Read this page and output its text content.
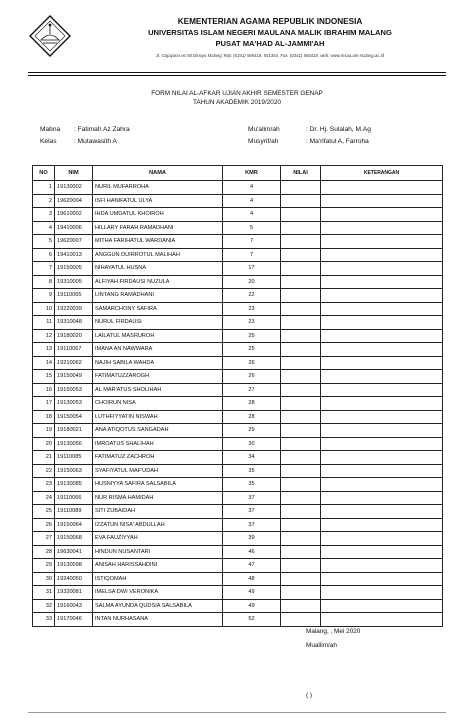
KEMENTERIAN AGAMA REPUBLIK INDONESIA
UNIVERSITAS ISLAM NEGERI MAULANA MALIK IBRAHIM MALANG
PUSAT MA'HAD AL-JAMMI'AH
Jl. Gajayana no 50 Dinoyo Malang Telp: (0341) 565418, 551354, Fax. (0341) 565418, web: www.msaa.uin-malang.ac.id
FORM NILAI AL-AFKAR UJIAN AKHIR SEMESTER GENAP
TAHUN AKADEMIK 2019/2020
Mabna : Fatimah Az Zahra
Kelas	: Mutawasith A
Mu'alim/ah	: Dr. Hj. Sulalah, M.Ag
Musyrif/ah	: Ma'rifatul A, Farroha
NO	NIM	NAMA	KMR	NILAI	KETERANGAN
1	19130002	NURIL MUFARROHA	4		
2	19620004	ISFI HANIFATUL ULYA	4		
3	19610002	IHDA UMDATUL KHOIROH	4		
4	19410006	HILLARY FARAH RAMADHANI	5		
5	19620007	MITHA FARIHATUL WARDANIA	7		
6	19410013	ANGGUN DUIRROTUL MALIHAH	7		
7	19150005	NIHAYATUL HUSNA	17		
8	19310005	ALFIYAH FIRDAUSI NUZULA	20		
9	19110065	LINTANG RAMADHANI	22		
10	19220039	SAMARCHONY SAFIRA	23		
11	19310048	NURUL FIRDAUSI	23		
12	19180020	LAILATUL MASRUROH	25		
13	19110067	IMANA AN NAWWARA	25		
14	19210062	NAJIH SABILA WAHDA	26		
15	19150049	FATIMATUZZAROGH	26		
16	19150053	AL MAR'ATUS SHOLIHAH	27		
17	19130053	CHOIRUN NISA	28		
18	19150054	LUTHFIYYATIN NISWAH	28		
19	19180021	ANA ATIQOTUS SANGADAH	29		
20	19130056	IMROATUS SHALIHAH	30		
21	19110085	FATIMATUZ ZACHROH	34		
22	19150063	SYAFIYATUL MAF'UDAH	35		
23	19130085	HUSNIYYA SAFIRA SALSABILA	35		
24	19110066	NUR RISMA HAMIDAH	37		
25	19110089	SITI ZUBAIDAH	37		
26	19150064	IZZATUN NISA' ABDULLAH	37		
27	19150068	EVA FAUZIYYAH	39		
28	19630041	HINDUN NUSANTARI	46		
29	19130098	ANISAH HARISSAHDINI	47		
30	19240050	ISTIQOMAH	48		
31	19320081	IMELSA DWI VERONIKA	49		
32	19160043	SALMA AYUNDA QUDSIA SALSABILA	49		
33	19170046	INTAN NURHASANA	52		
Malang, , Mei 2020
Muallim/ah
( )
